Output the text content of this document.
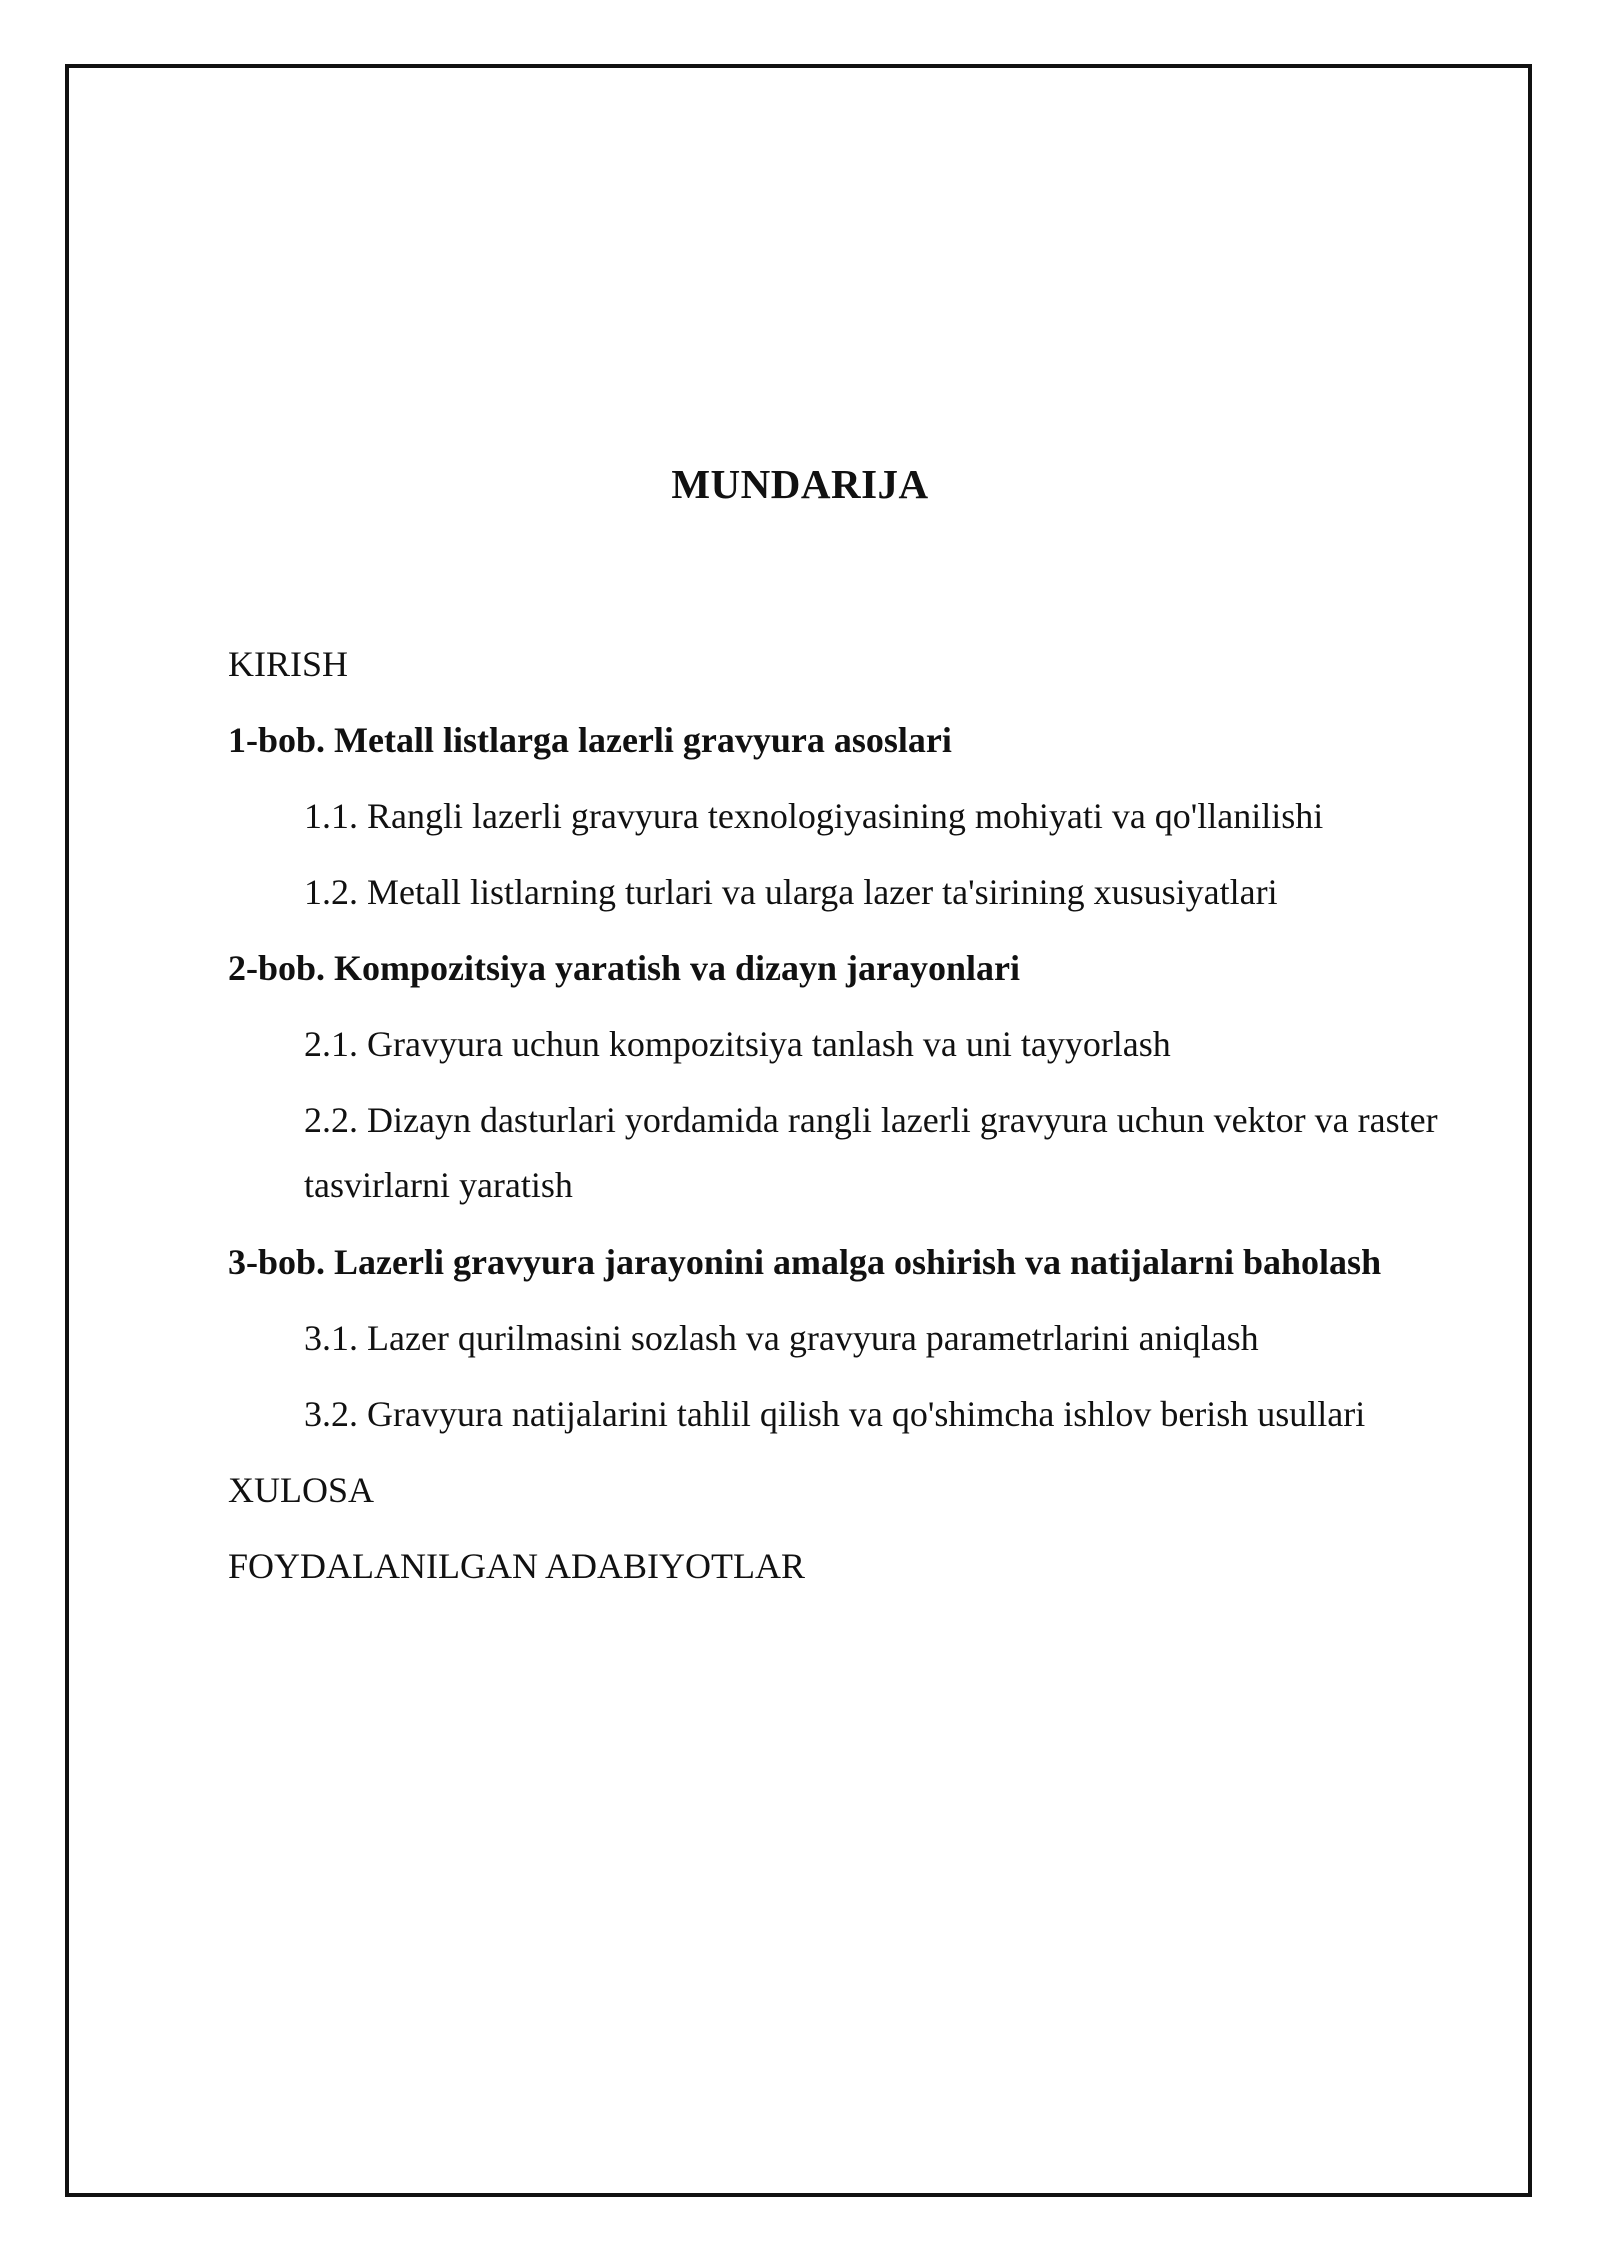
MUNDARIJA
KIRISH
1-bob. Metall listlarga lazerli gravyura asoslari
1.1. Rangli lazerli gravyura texnologiyasining mohiyati va qo'llanilishi
1.2. Metall listlarning turlari va ularga lazer ta'sirining xususiyatlari
2-bob. Kompozitsiya yaratish va dizayn jarayonlari
2.1. Gravyura uchun kompozitsiya tanlash va uni tayyorlash
2.2. Dizayn dasturlari yordamida rangli lazerli gravyura uchun vektor va raster tasvirlarni yaratish
3-bob. Lazerli gravyura jarayonini amalga oshirish va natijalarni baholash
3.1. Lazer qurilmasini sozlash va gravyura parametrlarini aniqlash
3.2. Gravyura natijalarini tahlil qilish va qo'shimcha ishlov berish usullari
XULOSA
FOYDALANILGAN ADABIYOTLAR
